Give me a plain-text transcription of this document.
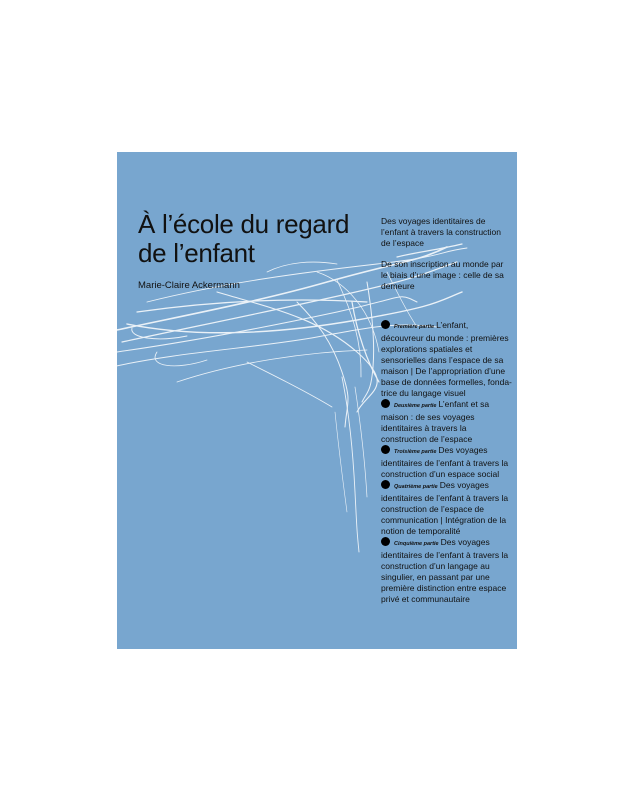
À l’école du regard
de l’enfant

Marie-Claire Ackermann

Des voyages identitaires de l’enfant à travers la construction de l’espace

De son inscription au monde par le biais d’une image : celle de sa demeure

Première partie L’enfant, découvreur du monde : premières explorations spatiales et sensorielles dans l’espace de sa maison | De l’appropriation d’une base de données formelles, fonda-trice du langage visuel

Deuxième partie L’enfant et sa maison : de ses voyages identitaires à travers la construction de l’espace

Troisième partie Des voyages identitaires de l’enfant à travers la construction d’un espace social

Quatrième partie Des voyages identitaires de l’enfant à travers la construction de l’espace de communication | Intégration de la notion de temporalité

Cinquième partie Des voyages identitaires de l’enfant à travers la construction d’un langage au singulier, en passant par une première distinction entre espace privé et communautaire
